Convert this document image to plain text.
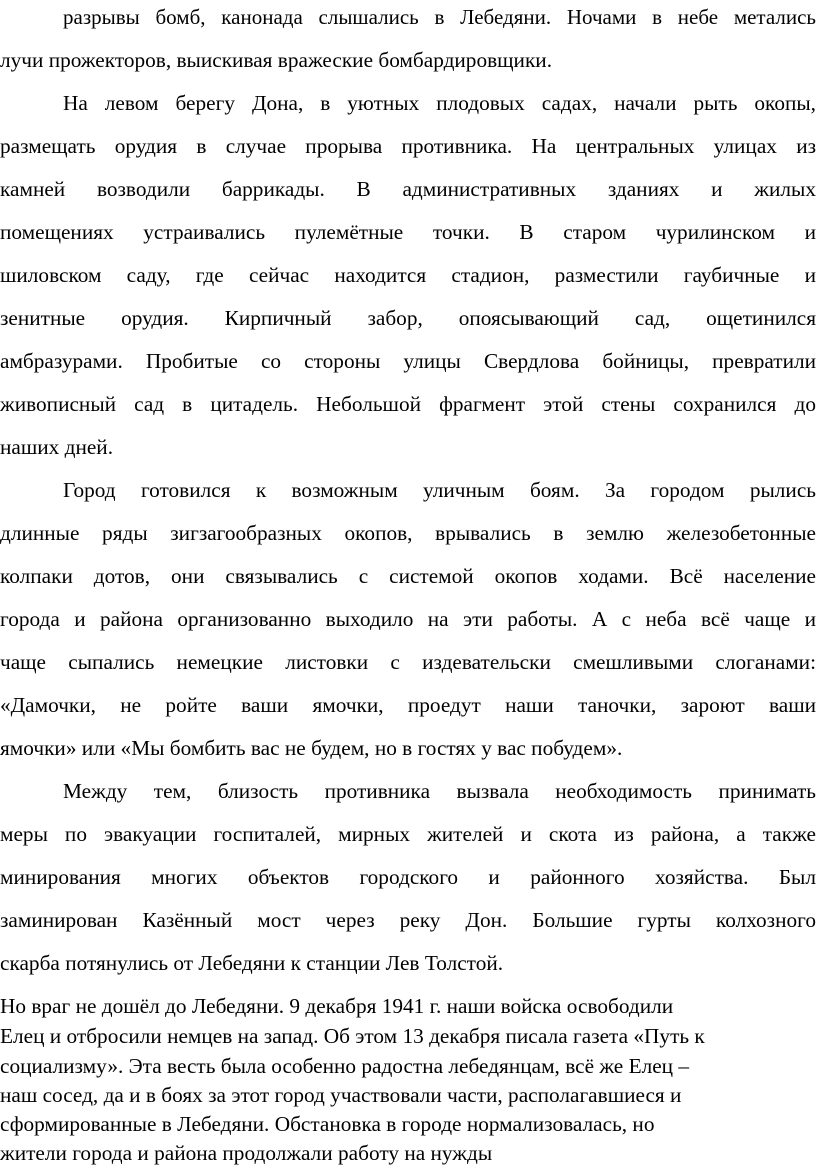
разрывы бомб, канонада слышались в Лебедяни. Ночами в небе метались
лучи прожекторов, выискивая вражеские бомбардировщики.
На левом берегу Дона, в уютных плодовых садах, начали рыть окопы,
размещать орудия в случае прорыва противника. На центральных улицах из
камней возводили баррикады. В административных зданиях и жилых
помещениях устраивались пулемётные точки. В старом чурилинском и
шиловском саду, где сейчас находится стадион, разместили гаубичные и
зенитные орудия. Кирпичный забор, опоясывающий сад, ощетинился
амбразурами. Пробитые со стороны улицы Свердлова бойницы, превратили
живописный сад в цитадель. Небольшой фрагмент этой стены сохранился до
наших дней.
Город готовился к возможным уличным боям. За городом рылись
длинные ряды зигзагообразных окопов, врывались в землю железобетонные
колпаки дотов, они связывались с системой окопов ходами. Всё население
города и района организованно выходило на эти работы. А с неба всё чаще и
чаще сыпались немецкие листовки с издевательски смешливыми слоганами:
«Дамочки, не ройте ваши ямочки, проедут наши таночки, зароют ваши
ямочки» или «Мы бомбить вас не будем, но в гостях у вас побудем».
Между тем, близость противника вызвала необходимость принимать
меры по эвакуации госпиталей, мирных жителей и скота из района, а также
минирования многих объектов городского и районного хозяйства. Был
заминирован Казённый мост через реку Дон. Большие гурты колхозного
скарба потянулись от Лебедяни к станции Лев Толстой.
Но враг не дошёл до Лебедяни. 9 декабря 1941 г. наши войска освободили
Елец и отбросили немцев на запад. Об этом 13 декабря писала газета «Путь к
социализму». Эта весть была особенно радостна лебедянцам, всё же Елец –
наш сосед, да и в боях за этот город участвовали части, располагавшиеся и
сформированные в Лебедяни. Обстановка в городе нормализовалась, но
жители города и района продолжали работу на нужды
